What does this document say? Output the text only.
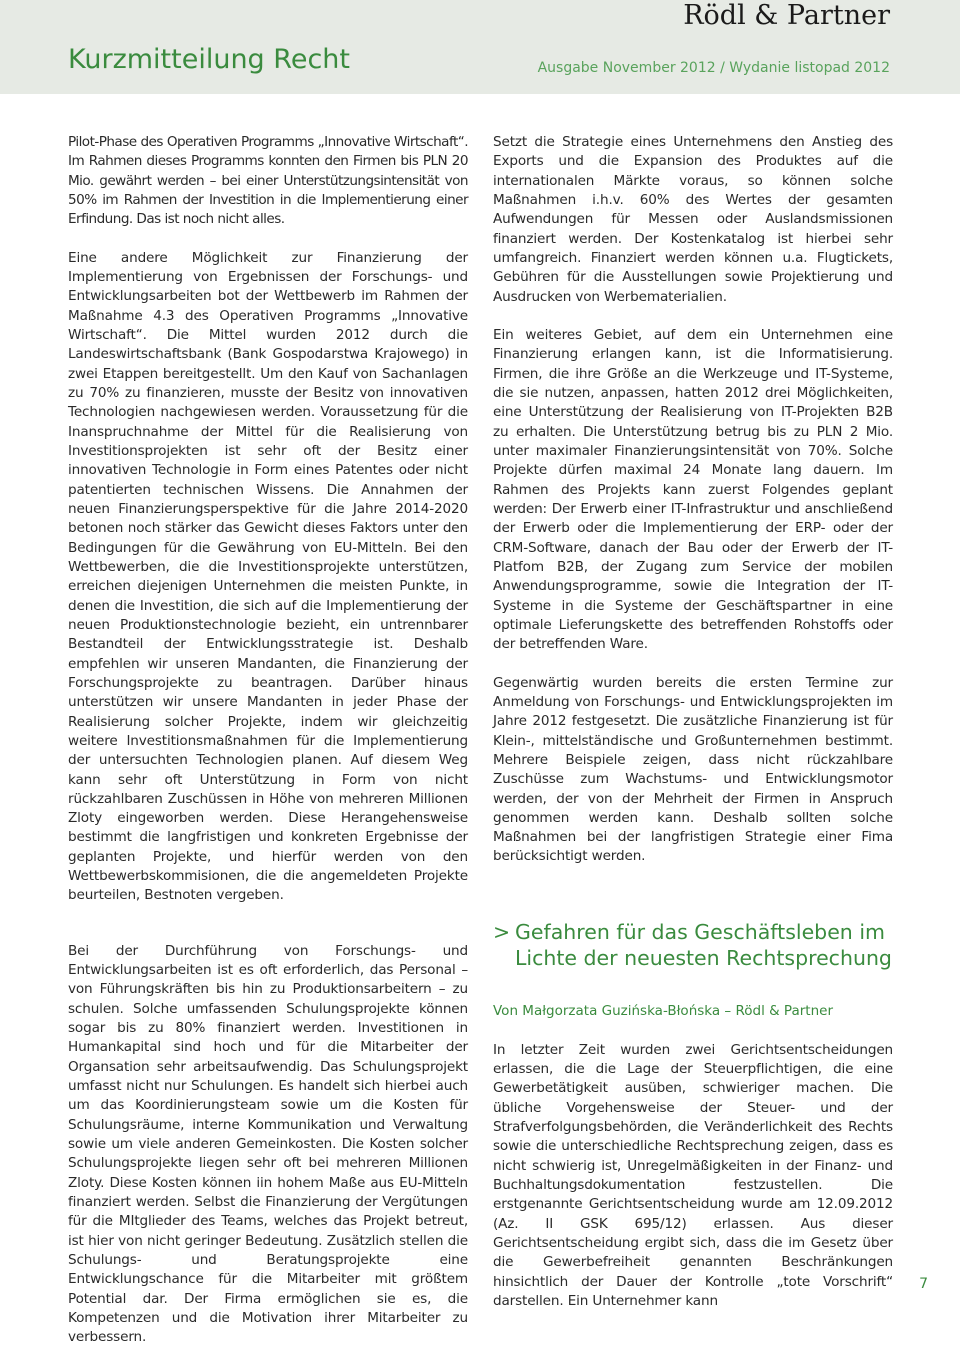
Rödl & Partner
Kurzmitteilung Recht	Ausgabe November 2012 / Wydanie listopad 2012

Pilot-Phase des Operativen Programms „Innovative Wirtschaft“. Im Rahmen dieses Programms konnten den Firmen bis PLN 20 Mio. gewährt werden – bei einer Unterstützungsintensität von 50% im Rahmen der Investition in die Implementierung einer Erfindung. Das ist noch nicht alles.

Eine andere Möglichkeit zur Finanzierung der Implementierung von Ergebnissen der Forschungs- und Entwicklungsarbeiten bot der Wettbewerb im Rahmen der Maßnahme 4.3 des Operativen Programms „Innovative Wirtschaft“. Die Mittel wurden 2012 durch die Landeswirtschaftsbank (Bank Gospodarstwa Krajowego) in zwei Etappen bereitgestellt. Um den Kauf von Sachanlagen zu 70% zu finanzieren, musste der Besitz von innovativen Technologien nachgewiesen werden. Voraussetzung für die Inanspruchnahme der Mittel für die Realisierung von Investitionsprojekten ist sehr oft der Besitz einer innovativen Technologie in Form eines Patentes oder nicht patentierten technischen Wissens. Die Annahmen der neuen Finanzierungsperspektive für die Jahre 2014-2020 betonen noch stärker das Gewicht dieses Faktors unter den Bedingungen für die Gewährung von EU-Mitteln. Bei den Wettbewerben, die die Investitionsprojekte unterstützen, erreichen diejenigen Unternehmen die meisten Punkte, in denen die Investition, die sich auf die Implementierung der neuen Produktionstechnologie bezieht, ein untrennbarer Bestandteil der Entwicklungsstrategie ist. Deshalb empfehlen wir unseren Mandanten, die Finanzierung der Forschungsprojekte zu beantragen. Darüber hinaus unterstützen wir unsere Mandanten in jeder Phase der Realisierung solcher Projekte, indem wir gleichzeitig weitere Investitionsmaßnahmen für die Implementierung der untersuchten Technologien planen. Auf diesem Weg kann sehr oft Unterstützung in Form von nicht rückzahlbaren Zuschüssen in Höhe von mehreren Millionen Zloty eingeworben werden. Diese Herangehensweise bestimmt die langfristigen und konkreten Ergebnisse der geplanten Projekte, und hierfür werden von den Wettbewerbskommisionen, die die angemeldeten Projekte beurteilen, Bestnoten vergeben.

Bei der Durchführung von Forschungs- und Entwicklungsarbeiten ist es oft erforderlich, das Personal – von Führungskräften bis hin zu Produktionsarbeitern – zu schulen. Solche umfassenden Schulungsprojekte können sogar bis zu 80% finanziert werden. Investitionen in Humankapital sind hoch und für die Mitarbeiter der Organsation sehr arbeitsaufwendig. Das Schulungsprojekt umfasst nicht nur Schulungen. Es handelt sich hierbei auch um das Koordinierungsteam sowie um die Kosten für Schulungsräume, interne Kommunikation und Verwaltung sowie um viele anderen Gemeinkosten. Die Kosten solcher Schulungsprojekte liegen sehr oft bei mehreren Millionen Zloty. Diese Kosten können iin hohem Maße aus EU-Mitteln finanziert werden. Selbst die Finanzierung der Vergütungen für die MItglieder des Teams, welches das Projekt betreut, ist hier von nicht geringer Bedeutung. Zusätzlich stellen die Schulungs- und Beratungsprojekte eine Entwicklungschance für die Mitarbeiter mit größtem Potential dar. Der Firma ermöglichen sie es, die Kompetenzen und die Motivation ihrer Mitarbeiter zu verbessern.

Setzt die Strategie eines Unternehmens den Anstieg des Exports und die Expansion des Produktes auf die internationalen Märkte voraus, so können solche Maßnahmen i.h.v. 60% des Wertes der gesamten Aufwendungen für Messen oder Auslandsmissionen finanziert werden. Der Kostenkatalog ist hierbei sehr umfangreich. Finanziert werden können u.a. Flugtickets, Gebühren für die Ausstellungen sowie Projektierung und Ausdrucken von Werbematerialien.

Ein weiteres Gebiet, auf dem ein Unternehmen eine Finanzierung erlangen kann, ist die Informatisierung. Firmen, die ihre Größe an die Werkzeuge und IT-Systeme, die sie nutzen, anpassen, hatten 2012 drei Möglichkeiten, eine Unterstützung der Realisierung von IT-Projekten B2B zu erhalten. Die Unterstützung betrug bis zu PLN 2 Mio. unter maximaler Finanzierungsintensität von 70%. Solche Projekte dürfen maximal 24 Monate lang dauern. Im Rahmen des Projekts kann zuerst Folgendes geplant werden: Der Erwerb einer IT-Infrastruktur und anschließend der Erwerb oder die Implementierung der ERP- oder der CRM-Software, danach der Bau oder der Erwerb der IT-Platfom B2B, der Zugang zum Service der mobilen Anwendungsprogramme, sowie die Integration der IT-Systeme in die Systeme der Geschäftspartner in eine optimale Lieferungskette des betreffenden Rohstoffs oder der betreffenden Ware.

Gegenwärtig wurden bereits die ersten Termine zur Anmeldung von Forschungs- und Entwicklungsprojekten im Jahre 2012 festgesetzt. Die zusätzliche Finanzierung ist für Klein-, mittelständische und Großunternehmen bestimmt. Mehrere Beispiele zeigen, dass nicht rückzahlbare Zuschüsse zum Wachstums- und Entwicklungsmotor werden, der von der Mehrheit der Firmen in Anspruch genommen werden kann. Deshalb sollten solche Maßnahmen bei der langfristigen Strategie einer Fima berücksichtigt werden.

> Gefahren für das Geschäftsleben im Lichte der neuesten Rechtsprechung
Von Małgorzata Guzińska-Błońska – Rödl & Partner

In letzter Zeit wurden zwei Gerichtsentscheidungen erlassen, die die Lage der Steuerpflichtigen, die eine Gewerbetätigkeit ausüben, schwieriger machen. Die übliche Vorgehensweise der Steuer- und der Strafverfolgungsbehörden, die Veränderlichkeit des Rechts sowie die unterschiedliche Rechtsprechung zeigen, dass es nicht schwierig ist, Unregelmäßigkeiten in der Finanz- und Buchhaltungsdokumentation festzustellen. Die erstgenannte Gerichtsentscheidung wurde am 12.09.2012 (Az. II GSK 695/12) erlassen. Aus dieser Gerichtsentscheidung ergibt sich, dass die im Gesetz über die Gewerbefreiheit genannten Beschränkungen hinsichtlich der Dauer der Kontrolle „tote Vorschrift“ darstellen. Ein Unternehmer kann

7
